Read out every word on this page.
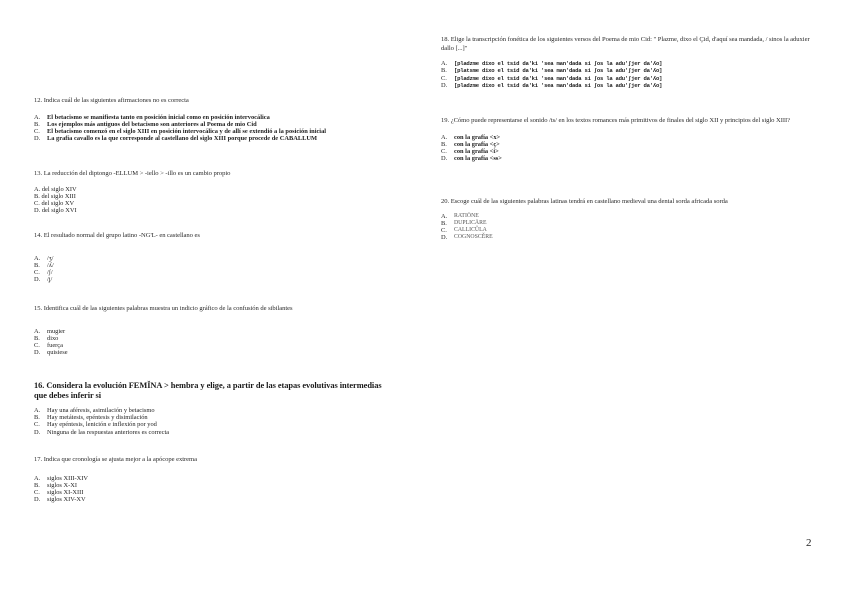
12. Indica cuál de las siguientes afirmaciones no es correcta
A.	El betacismo se manifiesta tanto en posición inicial como en posición intervocálica
B.	Los ejemplos más antiguos del betacismo son anteriores al Poema de mio Cid
C.	El betacismo comenzó en el siglo XIII en posición intervocálica y de allí se extendió a la posición inicial
D.	La grafía cavallo es la que corresponde al castellano del siglo XIII porque procede de CABALLUM
13. La reducción del diptongo -ELLUM > -iello > -illo es un cambio propio
A. del siglo XIV
B. del siglo XIII
C. del siglo XV
D. del siglo XVI
14. El resultado normal del grupo latino -NG'L- en castellano es
A.	/ʒ/
B.	/ʎ/
C.	/ʃ/
D.	/ʝ/
15. Identifica cuál de las siguientes palabras muestra un indicio gráfico de la confusión de sibilantes
A.	mugier
B.	dixo
C.	fuerça
D.	quisiese
16. Considera la evolución FEMĬNA > hembra y elige, a partir de las etapas evolutivas intermedias que debes inferir si
A.	Hay una aféresis, asimilación y betacismo
B.	Hay metátesis, epéntesis y disimilación
C.	Hay epéntesis, lenición e inflexión por yod
D.	Ninguna de las respuestas anteriores es correcta
17. Indica que cronología se ajusta mejor a la apócope extrema
A.	siglos XIII-XIV
B.	siglos X-XI
C.	siglos XI-XIII
D.	siglos XIV-XV
18. Elige la transcripción fonética de los siguientes versos del Poema de mio Cid: " Plazme, dixo el Çid, d'aquí sea mandada, / sinos la aduxier dallo [...]"
A.	[pladzme dixo el tsid da'ki 'sea man'dada si ʃos la adu'ʃjer da'ʎo]
B.	[platsme dixo el tsid da'ki 'sea man'dada si ʃos la adu'ʃjer da'ʎo]
C.	[pladzme dixo el tsid da'ki 'sea man'dada si ʃos la adu'ʃjer da'ʎo]
D.	[pladzme dixo el tsid da'ki 'sea man'dada si ʃos la adu'ʃjer da'ʎo]
19. ¿Cómo puede representarse el sonido /ts/ en los textos romances más primitivos de finales del siglo XII y principios del siglo XIII?
A.	con la grafía <x>
B.	con la grafía <ç>
C.	con la grafía <i>
D.	con la grafía <ss>
20. Escoge cuál de las siguientes palabras latinas tendrá en castellano medieval una dental sorda africada sorda
A.	RATIŌNE
B.	DUPLICĀRE
C.	CALLICŬLA
D.	COGNOSCĔRE
2
